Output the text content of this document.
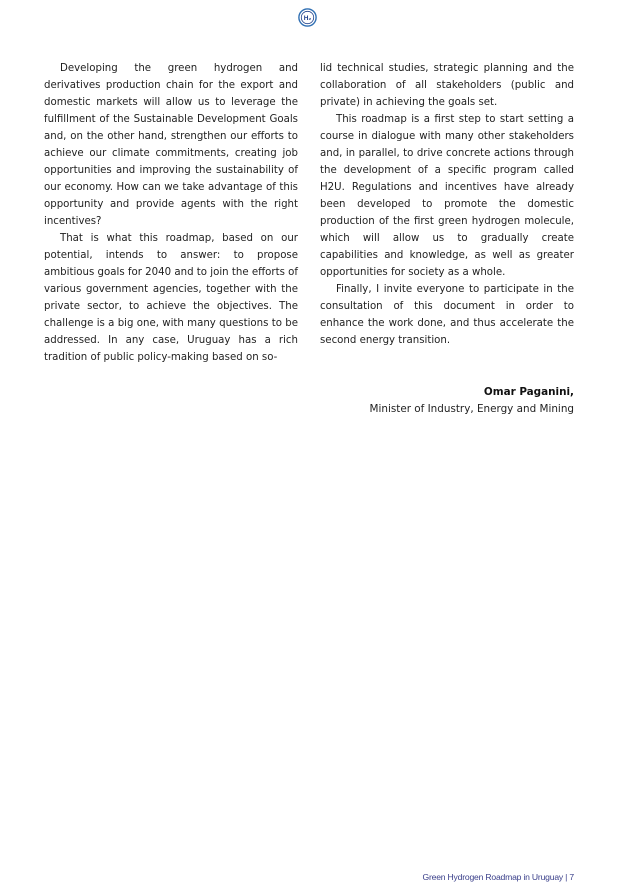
H₂

Developing the green hydrogen and derivatives production chain for the export and domestic markets will allow us to leverage the fulfillment of the Sustainable Development Goals and, on the other hand, strengthen our efforts to achieve our climate commitments, creating job opportunities and improving the sustainability of our economy. How can we take advantage of this opportunity and provide agents with the right incentives?

That is what this roadmap, based on our potential, intends to answer: to propose ambitious goals for 2040 and to join the efforts of various government agencies, together with the private sector, to achieve the objectives. The challenge is a big one, with many questions to be addressed. In any case, Uruguay has a rich tradition of public policy-making based on so-

lid technical studies, strategic planning and the collaboration of all stakeholders (public and private) in achieving the goals set.

This roadmap is a first step to start setting a course in dialogue with many other stakeholders and, in parallel, to drive concrete actions through the development of a specific program called H2U. Regulations and incentives have already been developed to promote the domestic production of the first green hydrogen molecule, which will allow us to gradually create capabilities and knowledge, as well as greater opportunities for society as a whole.

Finally, I invite everyone to participate in the consultation of this document in order to enhance the work done, and thus accelerate the second energy transition.

Omar Paganini,
Minister of Industry, Energy and Mining
Green Hydrogen Roadmap in Uruguay | 7
